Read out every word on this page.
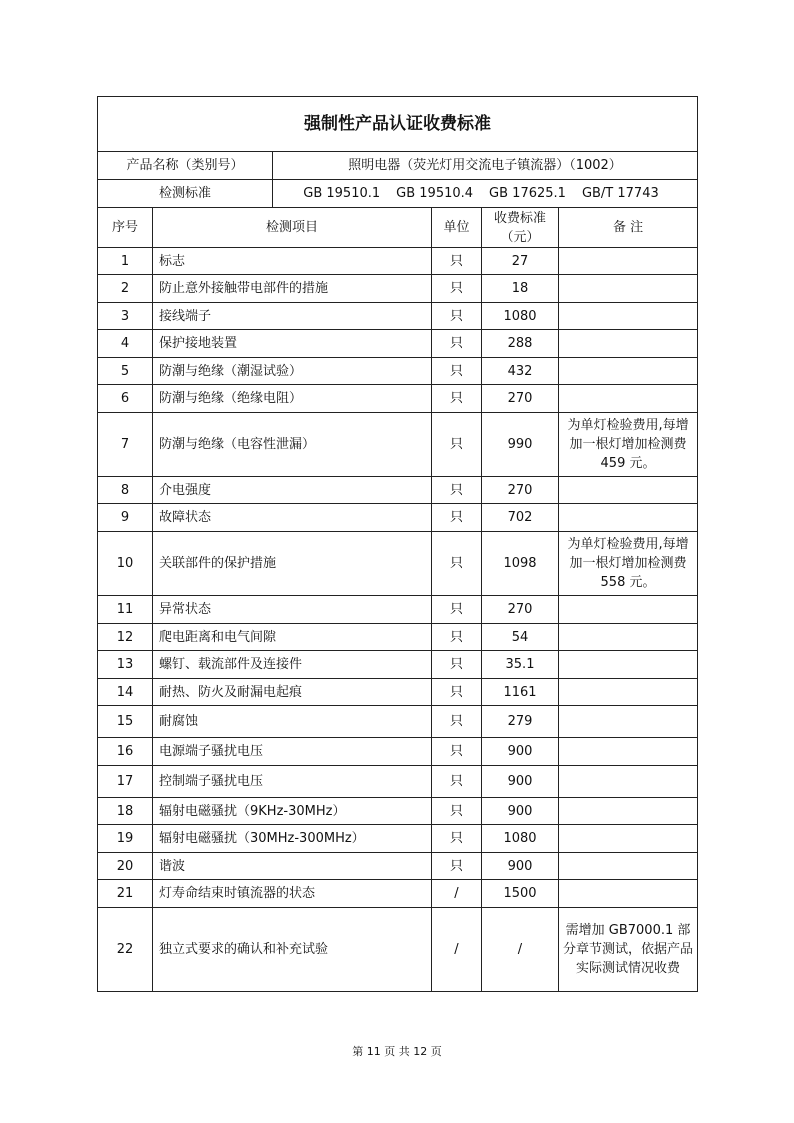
强制性产品认证收费标准					
产品名称（类别号）		照明电器（荧光灯用交流电子镇流器）（1002）			
检测标准		GB 19510.1 GB 19510.4 GB 17625.1 GB/T 17743			
序号	检测项目		单位	收费标准（元）	备 注
1	标志		只	27	
2	防止意外接触带电部件的措施		只	18	
3	接线端子		只	1080	
4	保护接地装置		只	288	
5	防潮与绝缘（潮湿试验）		只	432	
6	防潮与绝缘（绝缘电阻）		只	270	
7	防潮与绝缘（电容性泄漏）		只	990	为单灯检验费用,每增加一根灯增加检测费 459 元。
8	介电强度		只	270	
9	故障状态		只	702	
10	关联部件的保护措施		只	1098	为单灯检验费用,每增加一根灯增加检测费 558 元。
11	异常状态		只	270	
12	爬电距离和电气间隙		只	54	
13	螺钉、载流部件及连接件		只	35.1	
14	耐热、防火及耐漏电起痕		只	1161	
15	耐腐蚀		只	279	
16	电源端子骚扰电压		只	900	
17	控制端子骚扰电压		只	900	
18	辐射电磁骚扰（9KHz-30MHz）		只	900	
19	辐射电磁骚扰（30MHz-300MHz）		只	1080	
20	谐波		只	900	
21	灯寿命结束时镇流器的状态		/	1500	
22	独立式要求的确认和补充试验		/	/	需增加 GB7000.1 部分章节测试，依据产品实际测试情况收费
第 11 页 共 12 页
